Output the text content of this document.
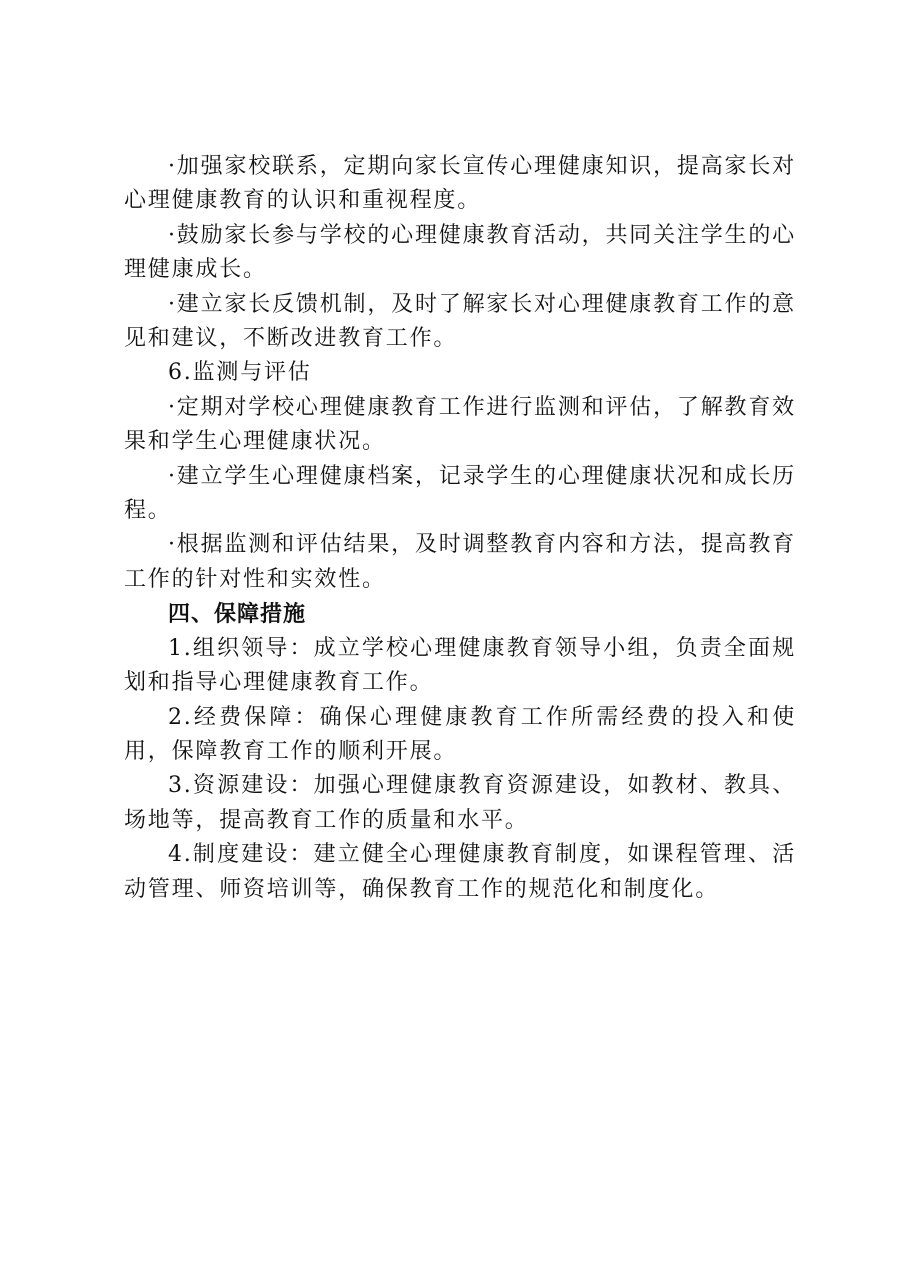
·加强家校联系，定期向家长宣传心理健康知识，提高家长对心理健康教育的认识和重视程度。

·鼓励家长参与学校的心理健康教育活动，共同关注学生的心理健康成长。

·建立家长反馈机制，及时了解家长对心理健康教育工作的意见和建议，不断改进教育工作。

6.监测与评估

·定期对学校心理健康教育工作进行监测和评估，了解教育效果和学生心理健康状况。

·建立学生心理健康档案，记录学生的心理健康状况和成长历程。

·根据监测和评估结果，及时调整教育内容和方法，提高教育工作的针对性和实效性。

四、保障措施

1.组织领导：成立学校心理健康教育领导小组，负责全面规划和指导心理健康教育工作。

2.经费保障：确保心理健康教育工作所需经费的投入和使用，保障教育工作的顺利开展。

3.资源建设：加强心理健康教育资源建设，如教材、教具、场地等，提高教育工作的质量和水平。

4.制度建设：建立健全心理健康教育制度，如课程管理、活动管理、师资培训等，确保教育工作的规范化和制度化。
